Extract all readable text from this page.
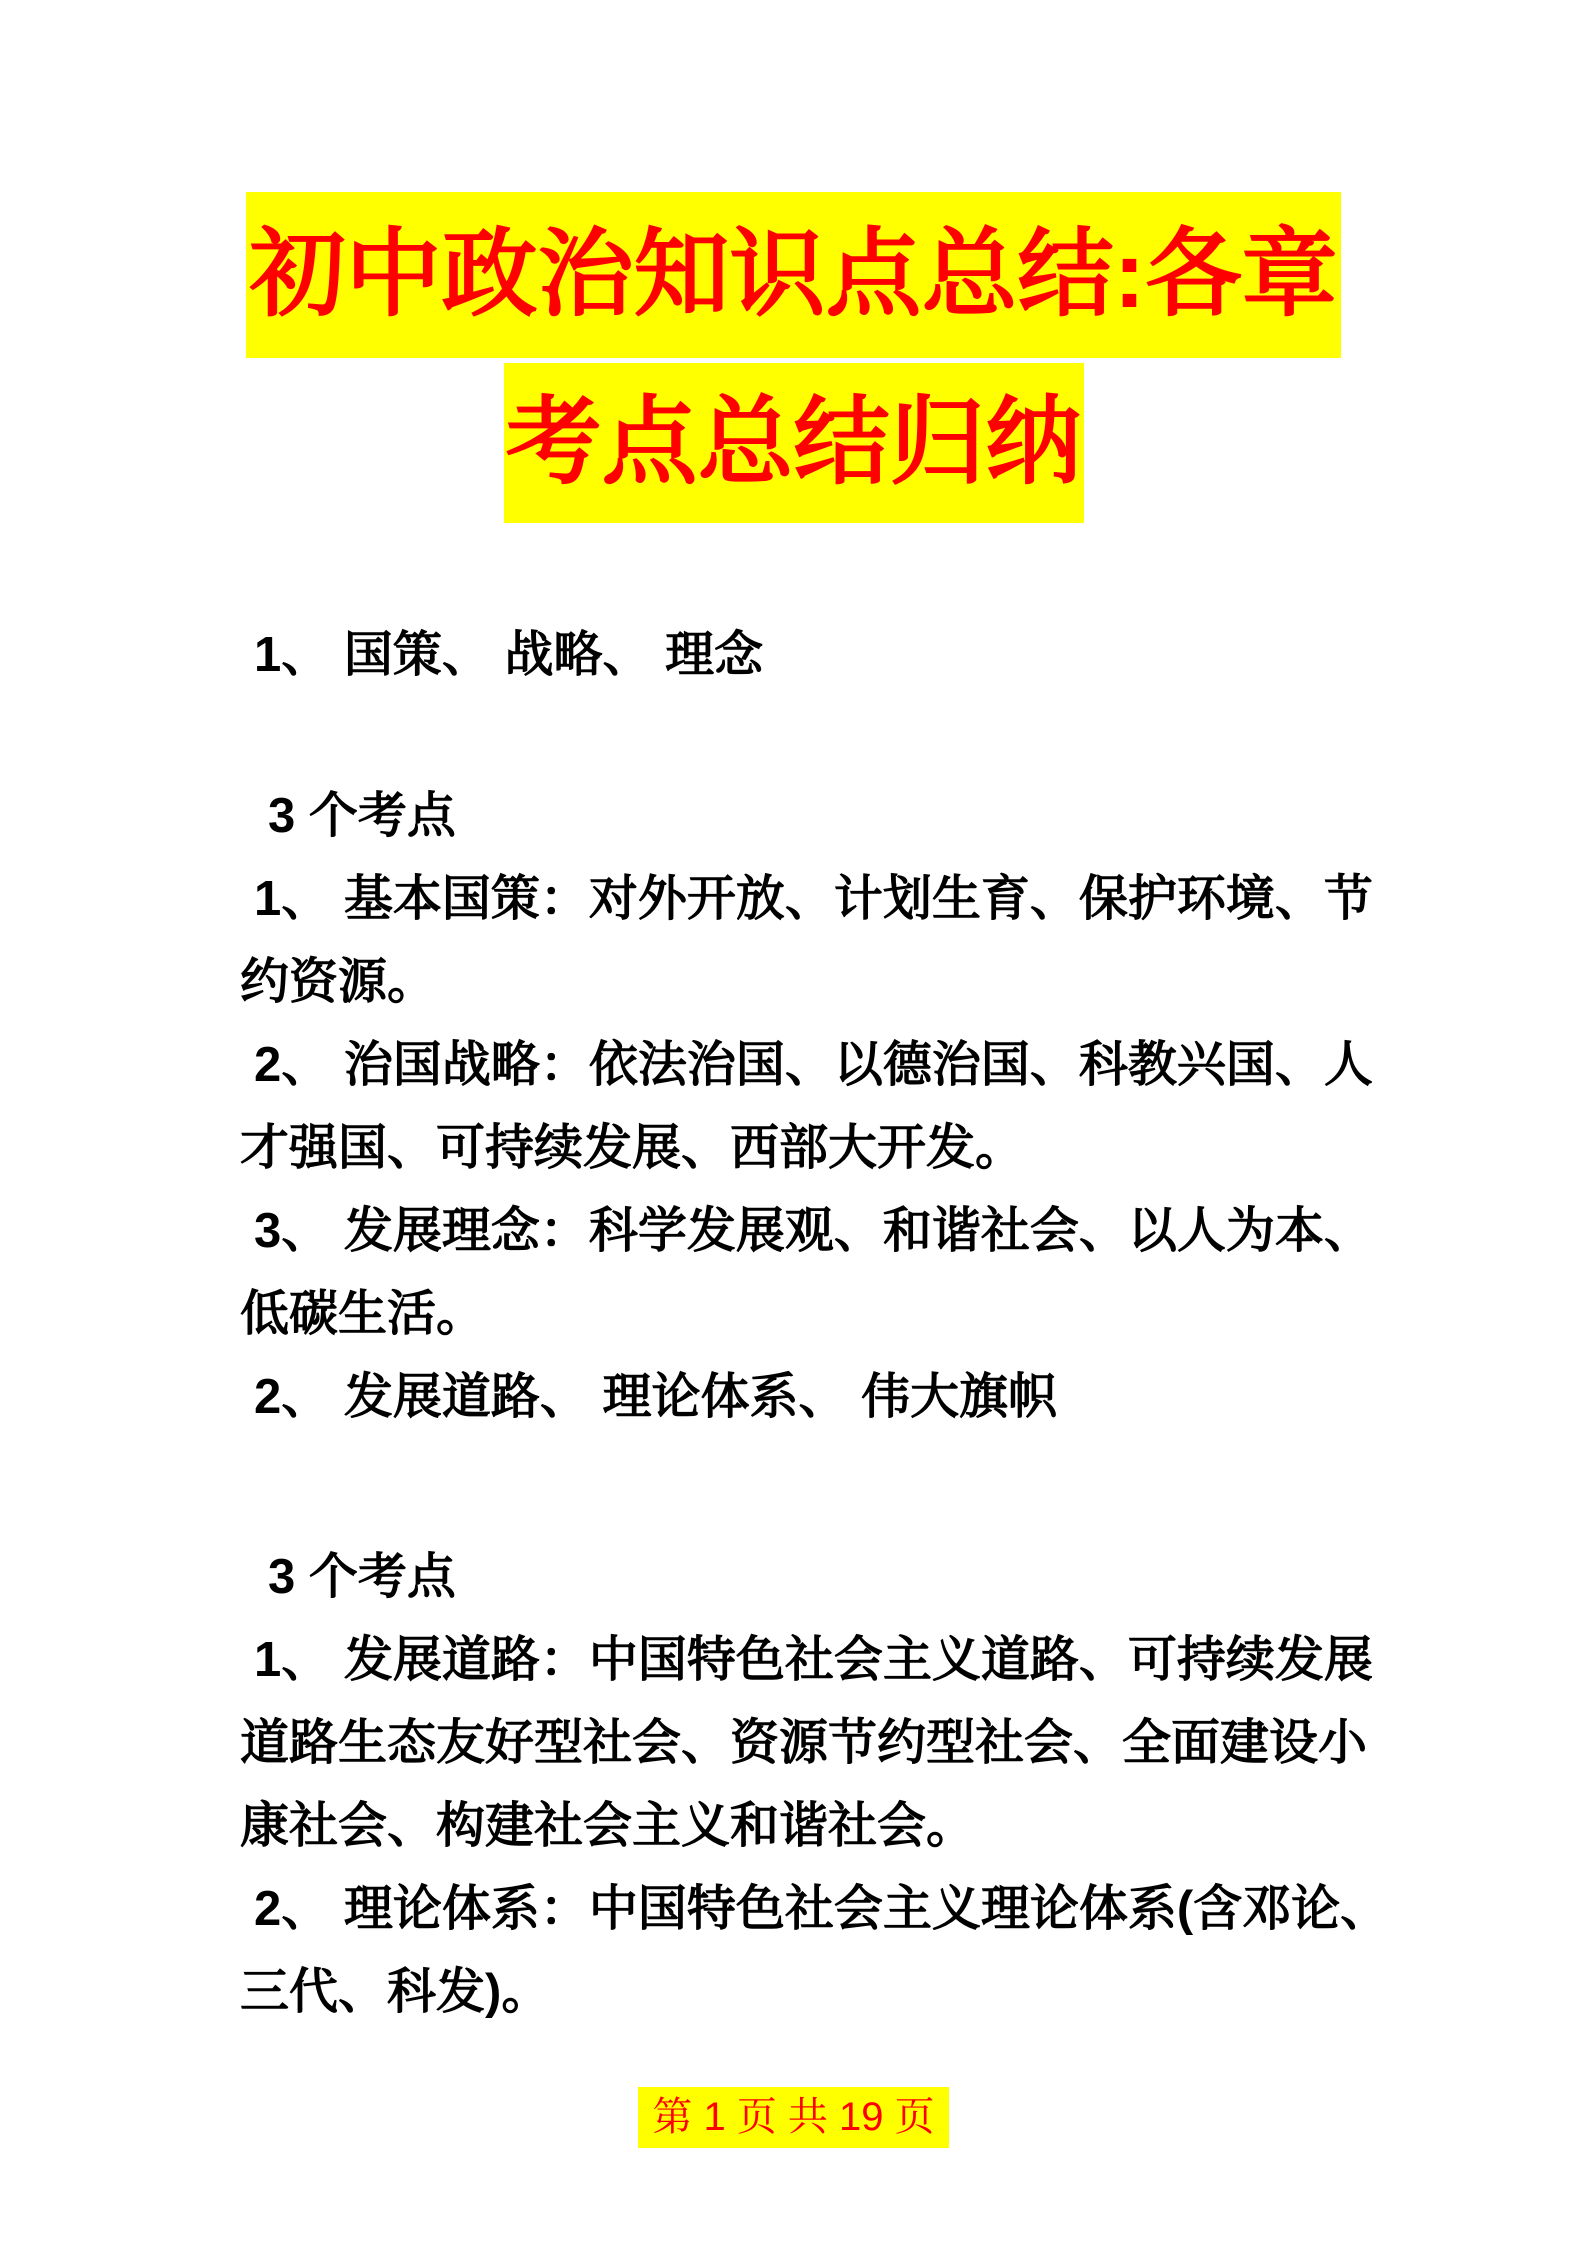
初中政治知识点总结:各章
考点总结归纳
1、 国策、 战略、 理念
3 个考点
1、 基本国策：对外开放、计划生育、保护环境、节
约资源。
2、 治国战略：依法治国、以德治国、科教兴国、人
才强国、可持续发展、西部大开发。
3、 发展理念：科学发展观、和谐社会、以人为本、
低碳生活。
2、 发展道路、 理论体系、 伟大旗帜
3 个考点
1、 发展道路：中国特色社会主义道路、可持续发展
道路生态友好型社会、资源节约型社会、全面建设小
康社会、构建社会主义和谐社会。
2、 理论体系：中国特色社会主义理论体系(含邓论、
三代、科发)。
第 1 页 共 19 页
